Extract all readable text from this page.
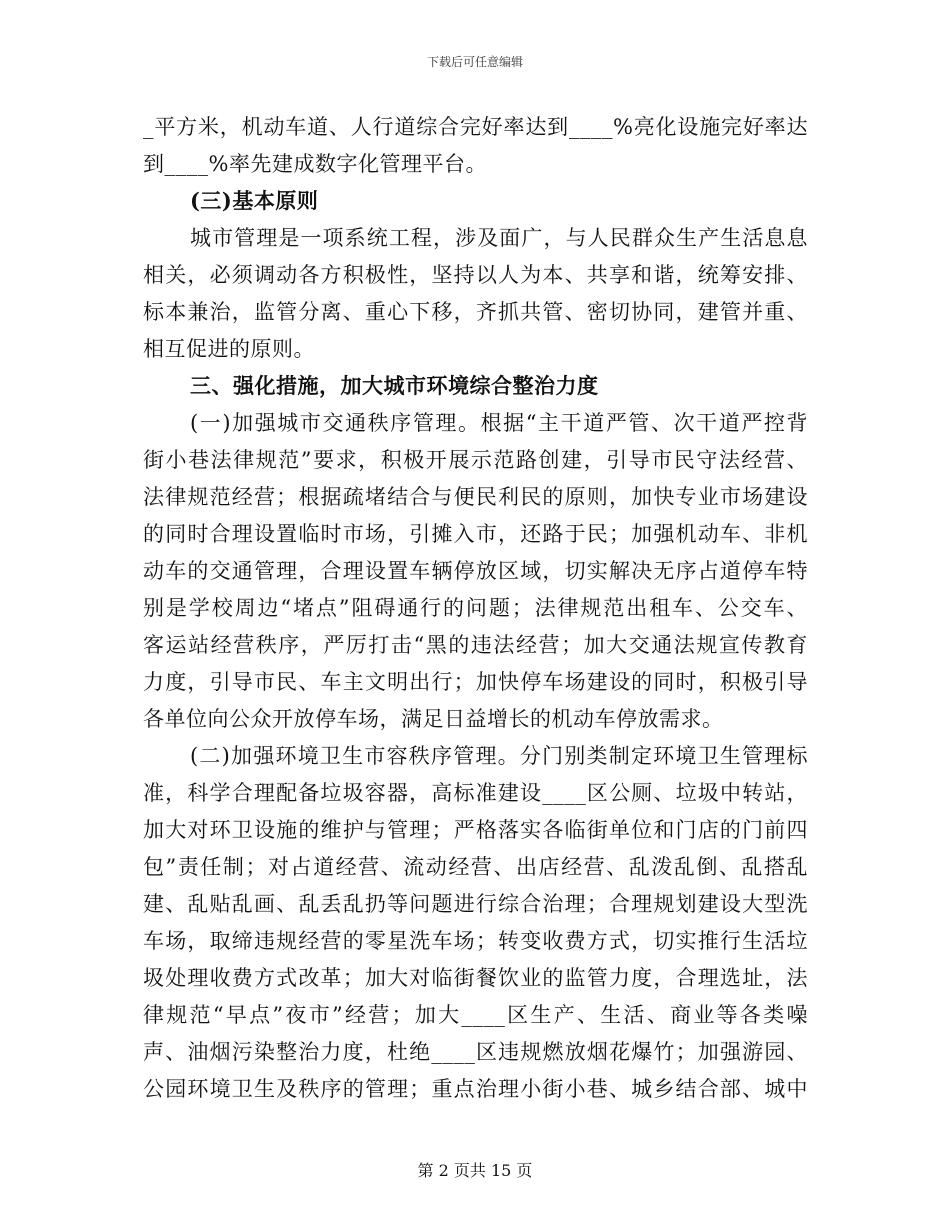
下载后可任意编辑
_平方米，机动车道、人行道综合完好率达到____%亮化设施完好率达
到____%率先建成数字化管理平台。
(三)基本原则
城市管理是一项系统工程，涉及面广，与人民群众生产生活息息
相关，必须调动各方积极性，坚持以人为本、共享和谐，统筹安排、
标本兼治，监管分离、重心下移，齐抓共管、密切协同，建管并重、
相互促进的原则。
三、强化措施，加大城市环境综合整治力度
(一)加强城市交通秩序管理。根据“主干道严管、次干道严控背
街小巷法律规范”要求，积极开展示范路创建，引导市民守法经营、
法律规范经营；根据疏堵结合与便民利民的原则，加快专业市场建设
的同时合理设置临时市场，引摊入市，还路于民；加强机动车、非机
动车的交通管理，合理设置车辆停放区域，切实解决无序占道停车特
别是学校周边“堵点”阻碍通行的问题；法律规范出租车、公交车、
客运站经营秩序，严厉打击“黑的违法经营；加大交通法规宣传教育
力度，引导市民、车主文明出行；加快停车场建设的同时，积极引导
各单位向公众开放停车场，满足日益增长的机动车停放需求。
(二)加强环境卫生市容秩序管理。分门别类制定环境卫生管理标
准，科学合理配备垃圾容器，高标准建设____区公厕、垃圾中转站，
加大对环卫设施的维护与管理；严格落实各临街单位和门店的门前四
包”责任制；对占道经营、流动经营、出店经营、乱泼乱倒、乱搭乱
建、乱贴乱画、乱丢乱扔等问题进行综合治理；合理规划建设大型洗
车场，取缔违规经营的零星洗车场；转变收费方式，切实推行生活垃
圾处理收费方式改革；加大对临街餐饮业的监管力度，合理选址，法
律规范“早点”夜市”经营；加大____区生产、生活、商业等各类噪
声、油烟污染整治力度，杜绝____区违规燃放烟花爆竹；加强游园、
公园环境卫生及秩序的管理；重点治理小街小巷、城乡结合部、城中
第 2 页共 15 页
